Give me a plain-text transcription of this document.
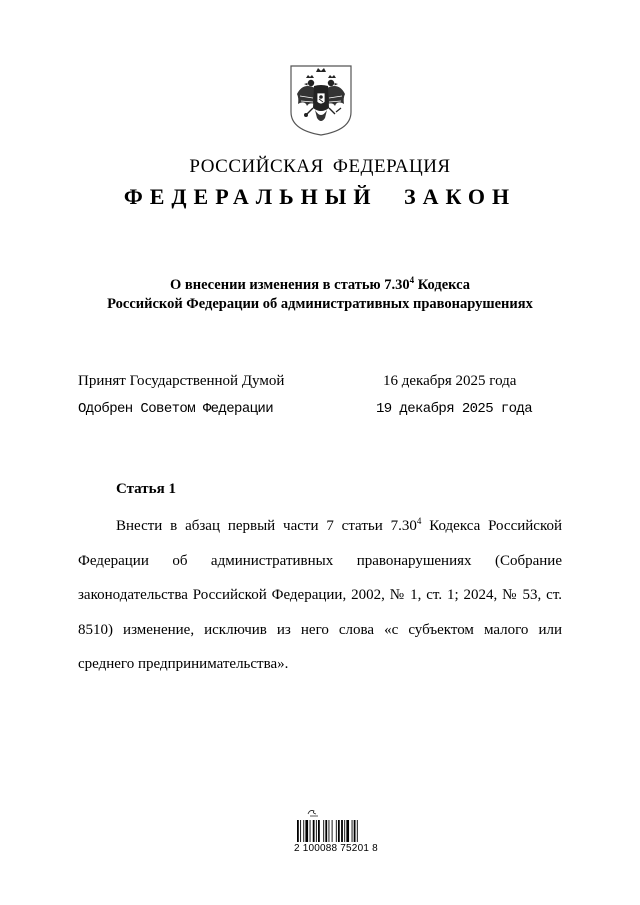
РОССИЙСКАЯ ФЕДЕРАЦИЯ
ФЕДЕРАЛЬНЫЙ ЗАКОН
О внесении изменения в статью 7.30$^4$ Кодекса
Российской Федерации об административных правонарушениях
Принят Государственной Думой	16 декабря 2025 года
Одобрен Советом Федерации	19 декабря 2025 года
Статья 1
Внести в абзац первый части 7 статьи 7.30$^4$ Кодекса Российской Федерации об административных правонарушениях (Собрание законодательства Российской Федерации, 2002, № 1, ст. 1; 2024, № 53, ст. 8510) изменение, исключив из него слова «с субъектом малого или среднего предпринимательства».
2 100088 75201 8
